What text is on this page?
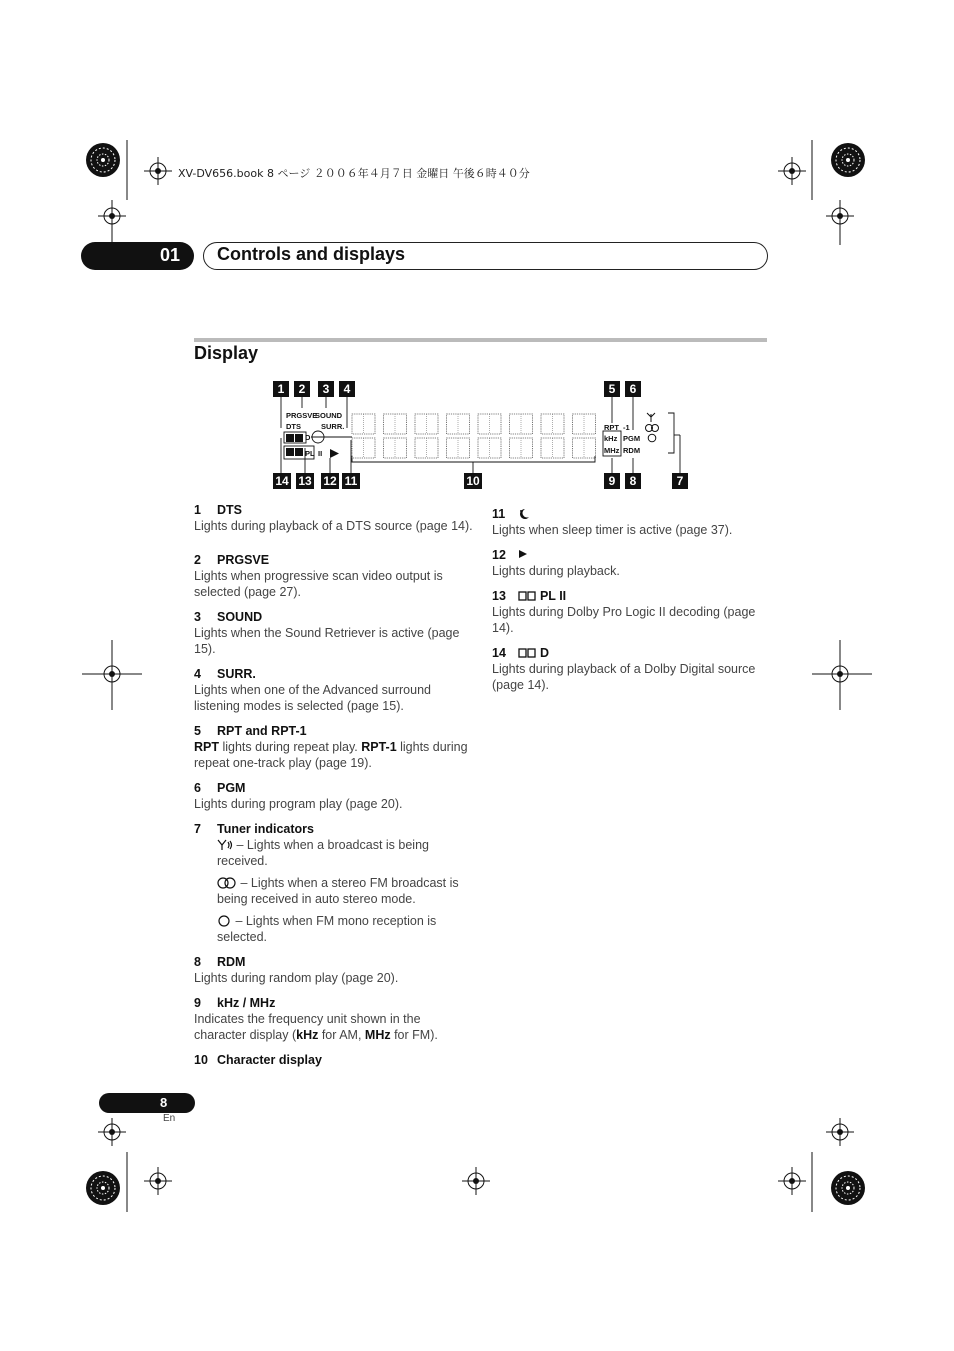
XV-DV656.book 8 ページ ２００６年４月７日 金曜日 午後６時４０分
01 Controls and displays
Display
1	2	3	4	5	6
14 13 12 11	10	9	8	7
PRGSVE
SOUND
DTS	SURR.
D
PL II
RPT -1
kHz
MHz
PGM
RDM
1 DTS
Lights during playback of a DTS source (page 14).
2 PRGSVE
Lights when progressive scan video output is selected (page 27).
3 SOUND
Lights when the Sound Retriever is active (page 15).
4 SURR.
Lights when one of the Advanced surround listening modes is selected (page 15).
5 RPT and RPT-1
RPT lights during repeat play. RPT-1 lights during repeat one-track play (page 19).
6 PGM
Lights during program play (page 20).
7 Tuner indicators
– Lights when a broadcast is being received.
– Lights when a stereo FM broadcast is being received in auto stereo mode.
– Lights when FM mono reception is selected.
8 RDM
Lights during random play (page 20).
9 kHz / MHz
Indicates the frequency unit shown in the character display (kHz for AM, MHz for FM).
10 Character display
11
Lights when sleep timer is active (page 37).
12
Lights during playback.
13	PL II
Lights during Dolby Pro Logic II decoding (page 14).
14	D
Lights during playback of a Dolby Digital source (page 14).
8
En
